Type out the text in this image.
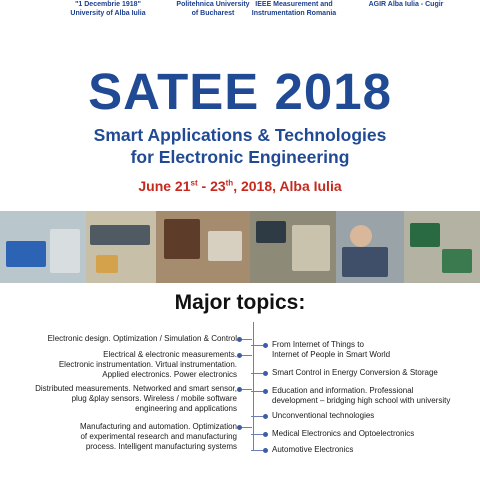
"1 Decembrie 1918"
University of Alba Iulia
Politehnica University
of Bucharest
IEEE Measurement and
Instrumentation Romania
AGIR Alba Iulia - Cugir
SATEE 2018
Smart Applications & Technologies
for Electronic Engineering
June 21st - 23th, 2018, Alba Iulia
Major topics:
Electronic design. Optimization / Simulation & Control
Electrical & electronic measurements.
Electronic instrumentation. Virtual instrumentation.
Applied electronics. Power electronics
Distributed measurements. Networked and smart sensor,
plug &play sensors. Wireless / mobile software
engineering and applications
Manufacturing and automation. Optimization
of experimental research and manufacturing
process. Intelligent manufacturing systems
From Internet of Things to
Internet of People in Smart World
Smart Control in Energy Conversion & Storage
Education and information. Professional
development – bridging high school with university
Unconventional technologies
Medical Electronics and Optoelectronics
Automotive Electronics
